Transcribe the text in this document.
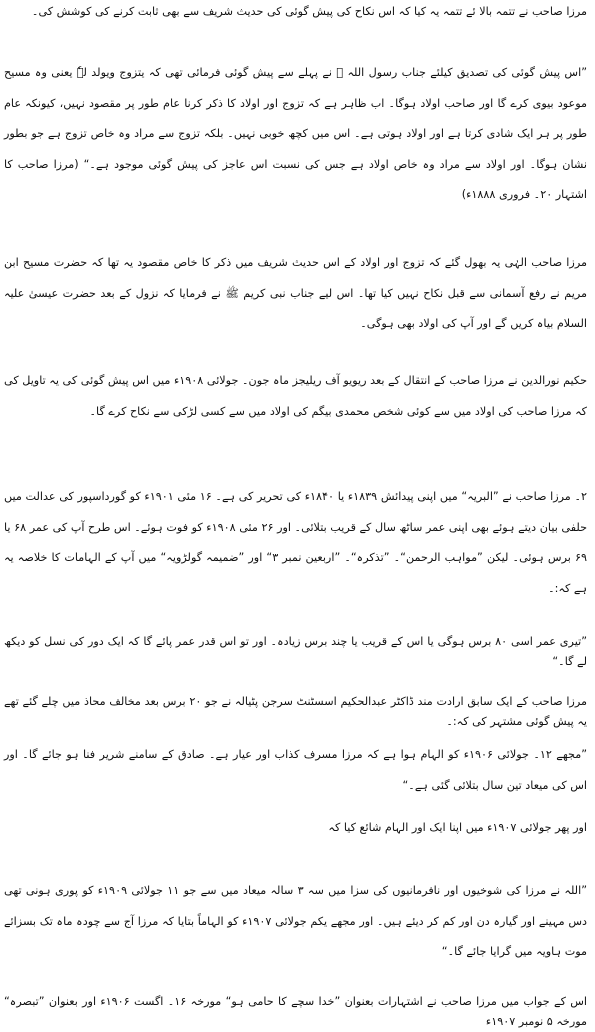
مرزا صاحب نے تتمہ بالا ئے تتمہ یہ کیا کہ اس نکاح کی پیش گوئی کی حدیث شریف سے بھی ثابت کرنے کی کوشش کی۔

”اس پیش گوئی کی تصدیق کیلئے جناب رسول اللہ ﷺ نے پہلے سے پیش گوئی فرمائی تھی کہ یتزوج ویولد لہٗ یعنی وہ مسیح موعود بیوی کرے گا اور صاحب اولاد ہوگا۔ اب ظاہر ہے کہ تزوج اور اولاد کا ذکر کرنا عام طور پر مقصود نہیں، کیونکہ عام طور پر ہر ایک شادی کرتا ہے اور اولاد ہوتی ہے۔ اس میں کچھ خوبی نہیں۔ بلکہ تزوج سے مراد وہ خاص تزوج ہے جو بطور نشان ہوگا۔ اور اولاد سے مراد وہ خاص اولاد ہے جس کی نسبت اس عاجز کی پیش گوئی موجود ہے۔“ (مرزا صاحب کا اشتہار ۲۰۔ فروری ۱۸۸۸ء)

مرزا صاحب الہٰی یہ بھول گئے کہ تزوج اور اولاد کے اس حدیث شریف میں ذکر کا خاص مقصود یہ تھا کہ حضرت مسیح ابن مریم نے رفع آسمانی سے قبل نکاح نہیں کیا تھا۔ اس لیے جناب نبی کریم ﷺ نے فرمایا کہ نزول کے بعد حضرت عیسیٰ علیہ السلام بیاہ کریں گے اور آپ کی اولاد بھی ہوگی۔

حکیم نورالدین نے مرزا صاحب کے انتقال کے بعد ریویو آف ریلیجز ماہ جون۔ جولائی ۱۹۰۸ء میں اس پیش گوئی کی یہ تاویل کی کہ مرزا صاحب کی اولاد میں سے کوئی شخص محمدی بیگم کی اولاد میں سے کسی لڑکی سے نکاح کرے گا۔

۲۔ مرزا صاحب نے ”البریہ“ میں اپنی پیدائش ۱۸۳۹ء یا ۱۸۴۰ء کی تحریر کی ہے۔ ۱۶ مئی ۱۹۰۱ء کو گورداسپور کی عدالت میں حلفی بیان دیتے ہوئے بھی اپنی عمر ساٹھ سال کے قریب بتلائی۔ اور ۲۶ مئی ۱۹۰۸ء کو فوت ہوئے۔ اس طرح آپ کی عمر ۶۸ یا ۶۹ برس ہوئی۔ لیکن ”مواہب الرحمن“۔ ”تذکرہ“۔ ”اربعین نمبر ۳“ اور ”ضمیمہ گولڑویہ“ میں آپ کے الہامات کا خلاصہ یہ ہے کہ:۔

”تیری عمر اسی ۸۰ برس ہوگی یا اس کے قریب یا چند برس زیادہ۔ اور تو اس قدر عمر پائے گا کہ ایک دور کی نسل کو دیکھ لے گا۔“

مرزا صاحب کے ایک سابق ارادت مند ڈاکٹر عبدالحکیم اسسٹنٹ سرجن پٹیالہ نے جو ۲۰ برس بعد مخالف محاذ میں چلے گئے تھے یہ پیش گوئی مشتہر کی کہ:۔

”مجھے ۱۲۔ جولائی ۱۹۰۶ء کو الہام ہوا ہے کہ مرزا مسرف کذاب اور عیار ہے۔ صادق کے سامنے شریر فنا ہو جائے گا۔ اور اس کی میعاد تین سال بتلائی گئی ہے۔“

اور پھر جولائی ۱۹۰۷ء میں اپنا ایک اور الہام شائع کیا کہ

”اللہ نے مرزا کی شوخیوں اور نافرمانیوں کی سزا میں سہ ۳ سالہ میعاد میں سے جو ۱۱ جولائی ۱۹۰۹ء کو پوری ہونی تھی دس مہینے اور گیارہ دن اور کم کر دیئے ہیں۔ اور مجھے یکم جولائی ۱۹۰۷ء کو الہاماً بتایا کہ مرزا آج سے چودہ ماہ تک بسزائے موت ہاویہ میں گرایا جائے گا۔“

اس کے جواب میں مرزا صاحب نے اشتہارات بعنوان ”خدا سچے کا حامی ہو“ مورخہ ۱۶۔ اگست ۱۹۰۶ء اور بعنوان ”تبصرہ“ مورخہ ۵ نومبر ۱۹۰۷ء
